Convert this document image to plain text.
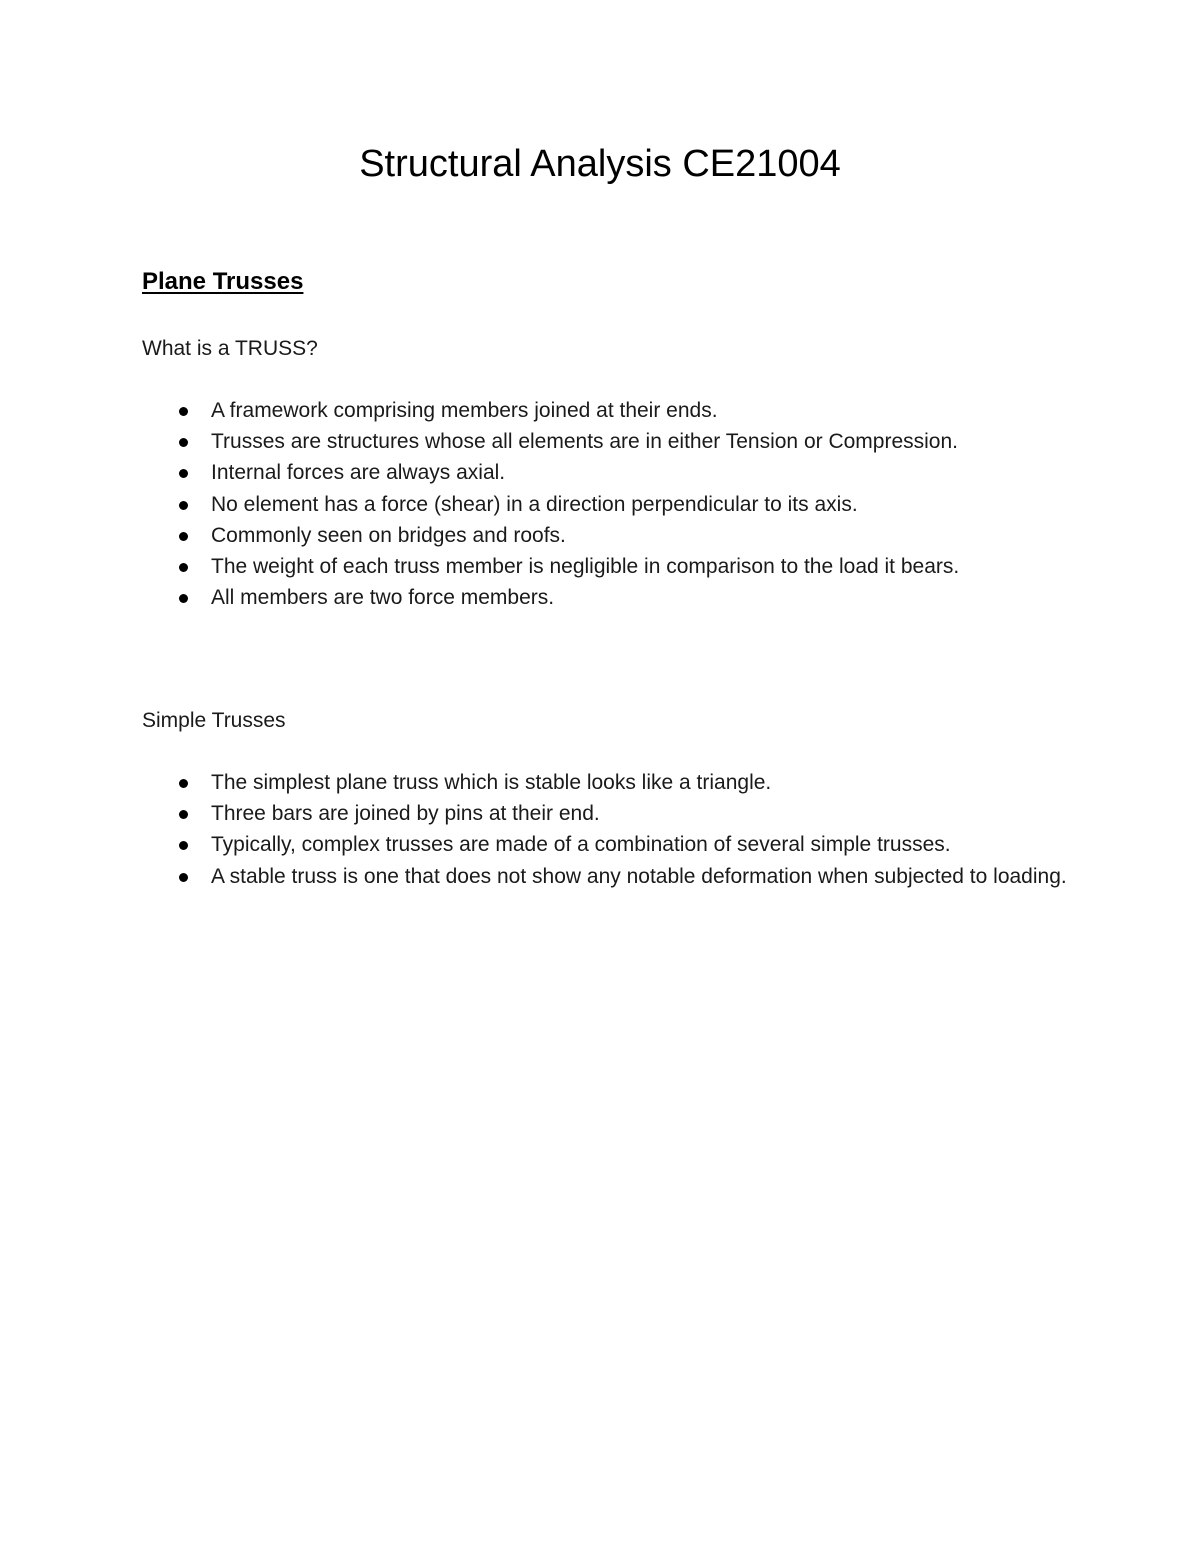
Structural Analysis CE21004
Plane Trusses

What is a TRUSS?

A framework comprising members joined at their ends.
Trusses are structures whose all elements are in either Tension or Compression.
Internal forces are always axial.
No element has a force (shear) in a direction perpendicular to its axis.
Commonly seen on bridges and roofs.
The weight of each truss member is negligible in comparison to the load it bears.
All members are two force members.

Simple Trusses

The simplest plane truss which is stable looks like a triangle.
Three bars are joined by pins at their end.
Typically, complex trusses are made of a combination of several simple trusses.
A stable truss is one that does not show any notable deformation when subjected to loading.
